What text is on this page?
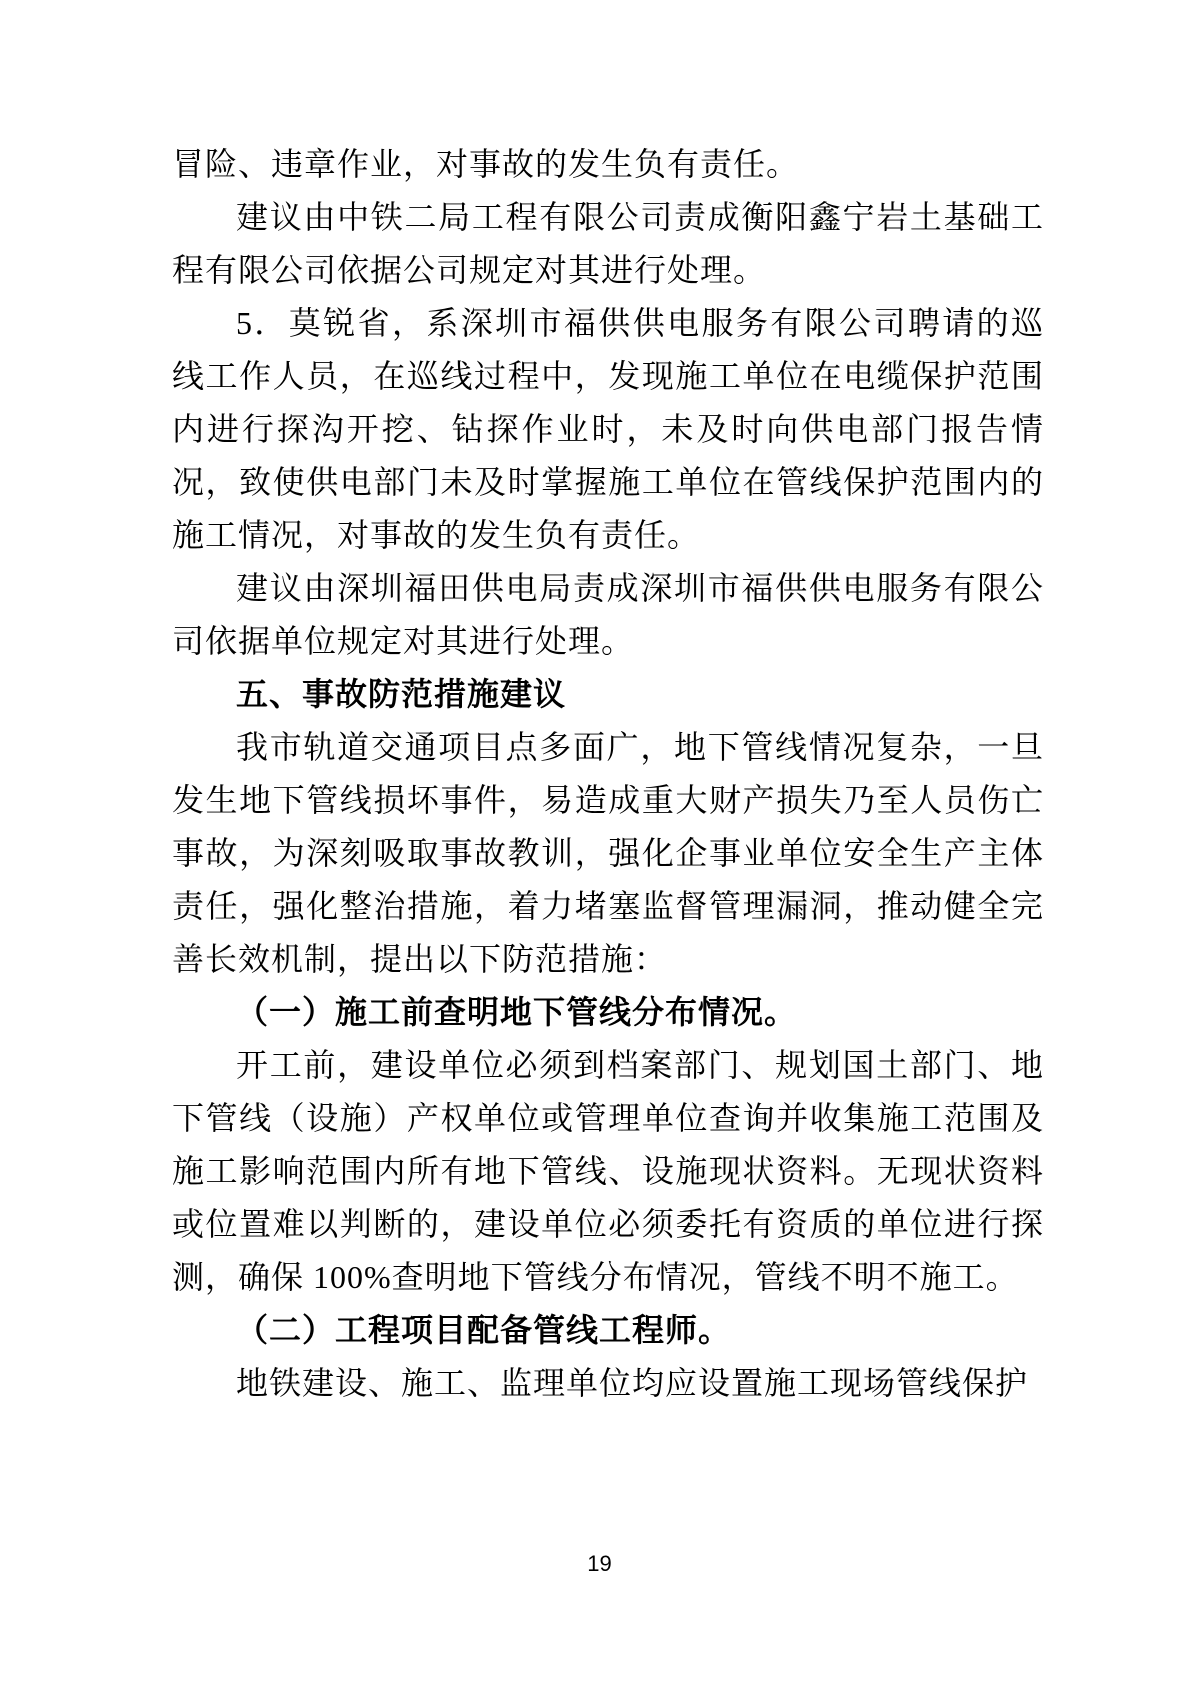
冒险、违章作业，对事故的发生负有责任。

建议由中铁二局工程有限公司责成衡阳鑫宁岩土基础工程有限公司依据公司规定对其进行处理。

5．莫锐省，系深圳市福供供电服务有限公司聘请的巡线工作人员，在巡线过程中，发现施工单位在电缆保护范围内进行探沟开挖、钻探作业时，未及时向供电部门报告情况，致使供电部门未及时掌握施工单位在管线保护范围内的施工情况，对事故的发生负有责任。

建议由深圳福田供电局责成深圳市福供供电服务有限公司依据单位规定对其进行处理。

五、事故防范措施建议

我市轨道交通项目点多面广，地下管线情况复杂，一旦发生地下管线损坏事件，易造成重大财产损失乃至人员伤亡事故，为深刻吸取事故教训，强化企事业单位安全生产主体责任，强化整治措施，着力堵塞监督管理漏洞，推动健全完善长效机制，提出以下防范措施：

（一）施工前查明地下管线分布情况。

开工前，建设单位必须到档案部门、规划国土部门、地下管线（设施）产权单位或管理单位查询并收集施工范围及施工影响范围内所有地下管线、设施现状资料。无现状资料或位置难以判断的，建设单位必须委托有资质的单位进行探测，确保 100%查明地下管线分布情况，管线不明不施工。

（二）工程项目配备管线工程师。

地铁建设、施工、监理单位均应设置施工现场管线保护

19
